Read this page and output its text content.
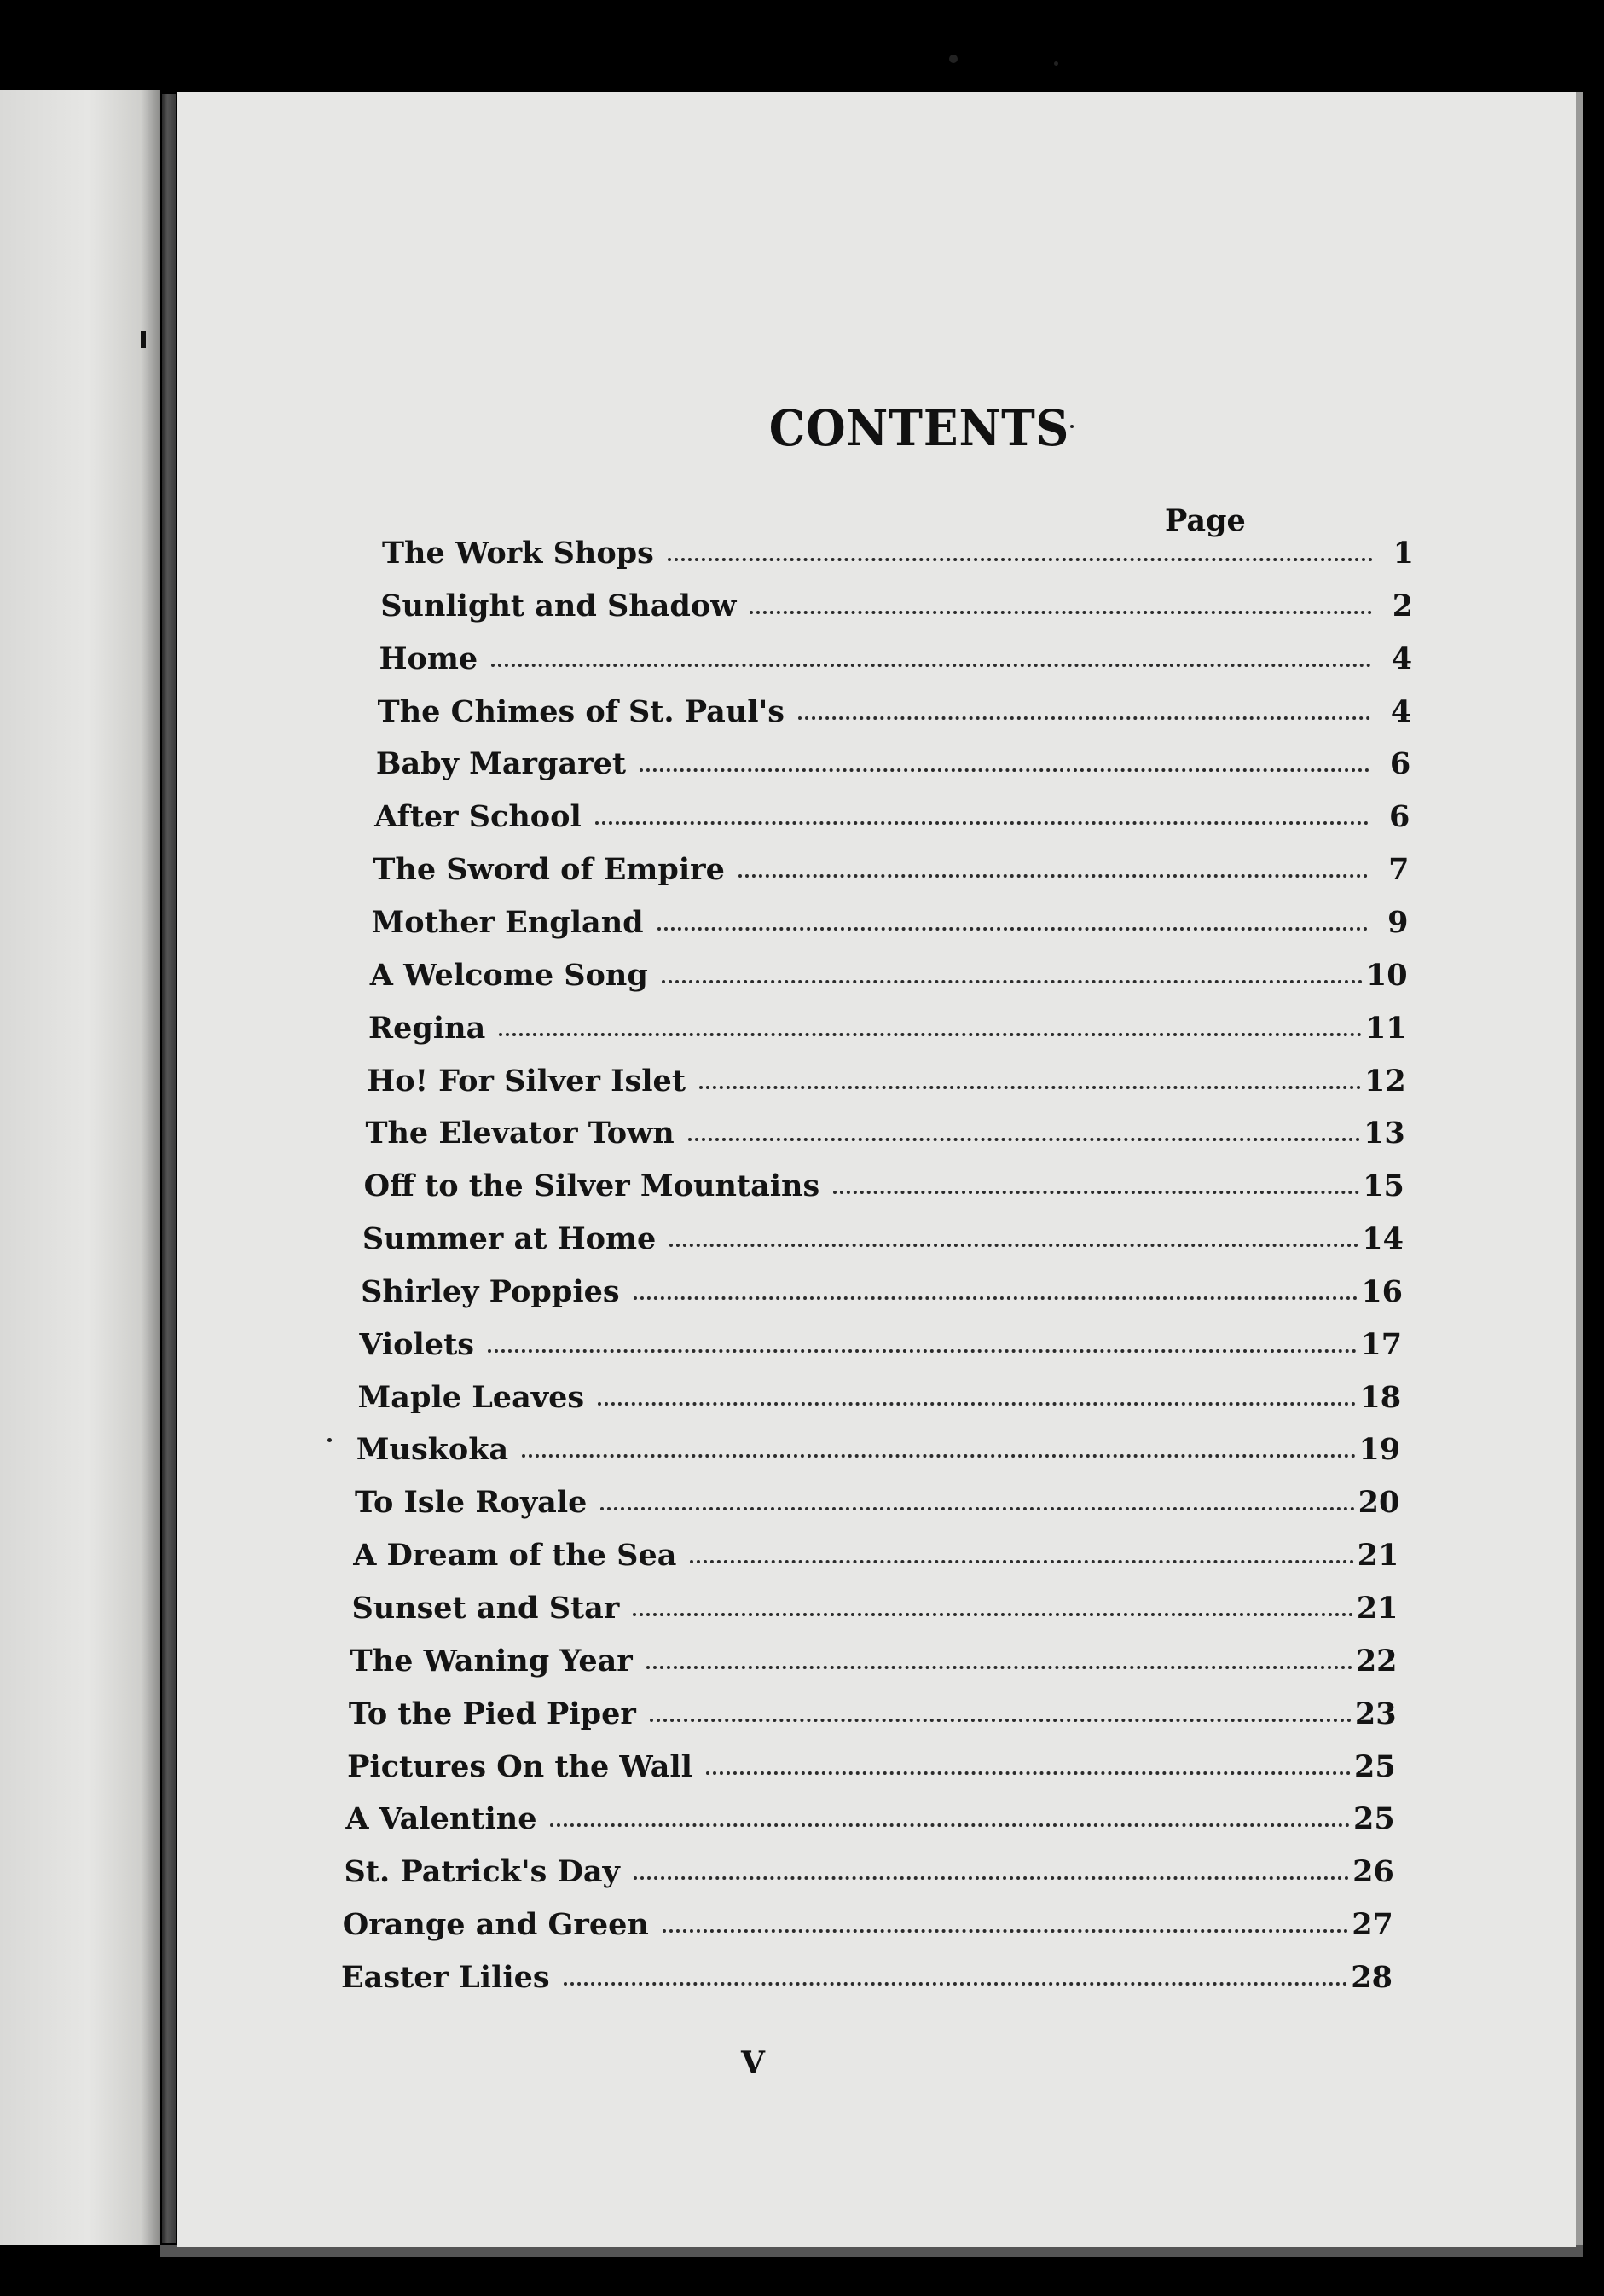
CONTENTS
Page
The Work Shops	1
Sunlight and Shadow	2
Home	4
The Chimes of St. Paul's	4
Baby Margaret	6
After School	6
The Sword of Empire	7
Mother England	9
A Welcome Song	10
Regina	11
Ho! For Silver Islet	12
The Elevator Town	13
Off to the Silver Mountains	15
Summer at Home	14
Shirley Poppies	16
Violets	17
Maple Leaves	18
Muskoka	19
To Isle Royale	20
A Dream of the Sea	21
Sunset and Star	21
The Waning Year	22
To the Pied Piper	23
Pictures On the Wall	25
A Valentine	25
St. Patrick's Day	26
Orange and Green	27
Easter Lilies	28
V
